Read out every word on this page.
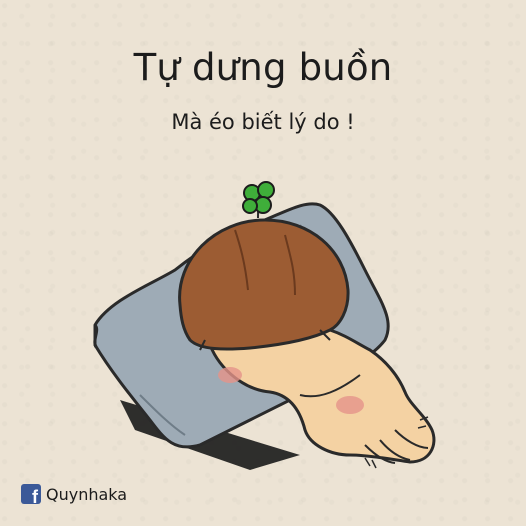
Tự dưng buồn
Mà éo biết lý do !
f Quynhaka
